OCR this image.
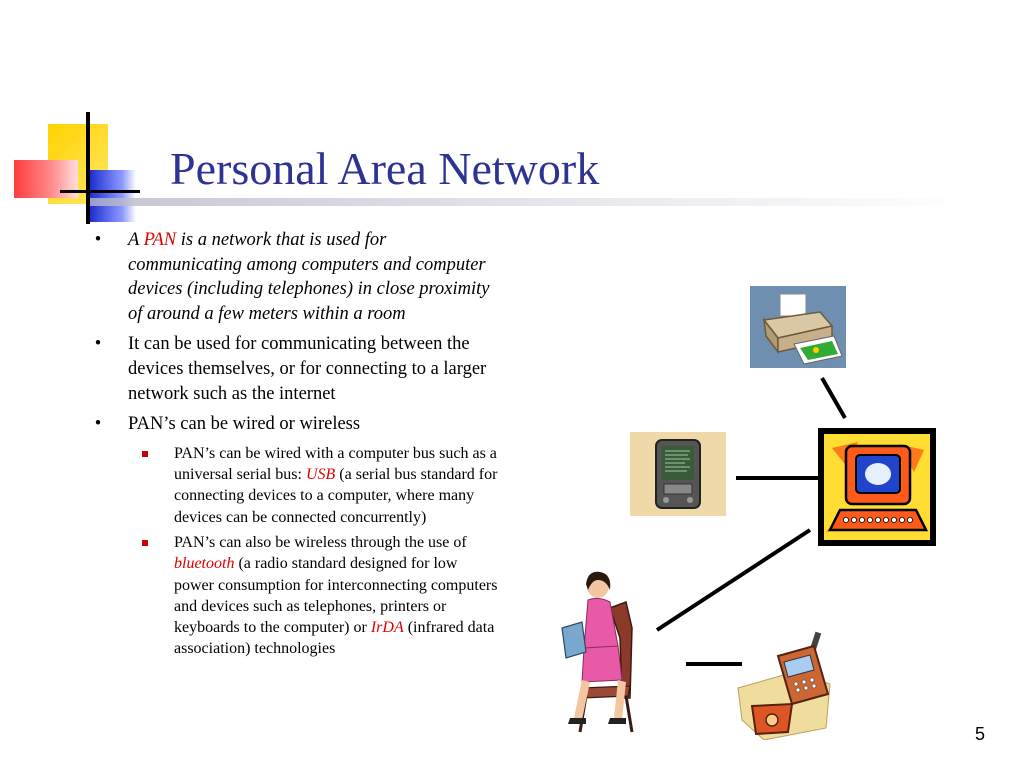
Personal Area Network
•	A PAN is a network that is used for communicating among computers and computer devices (including telephones) in close proximity of around a few meters within a room
•	It can be used for communicating between the devices themselves, or for connecting to a larger network such as the internet
•	PAN’s can be wired or wireless
PAN’s can be wired with a computer bus such as a universal serial bus: USB (a serial bus standard for connecting devices to a computer, where many devices can be connected concurrently)
PAN’s can also be wireless through the use of bluetooth (a radio standard designed for low power consumption for interconnecting computers and devices such as telephones, printers or keyboards to the computer) or IrDA (infrared data association) technologies
5
